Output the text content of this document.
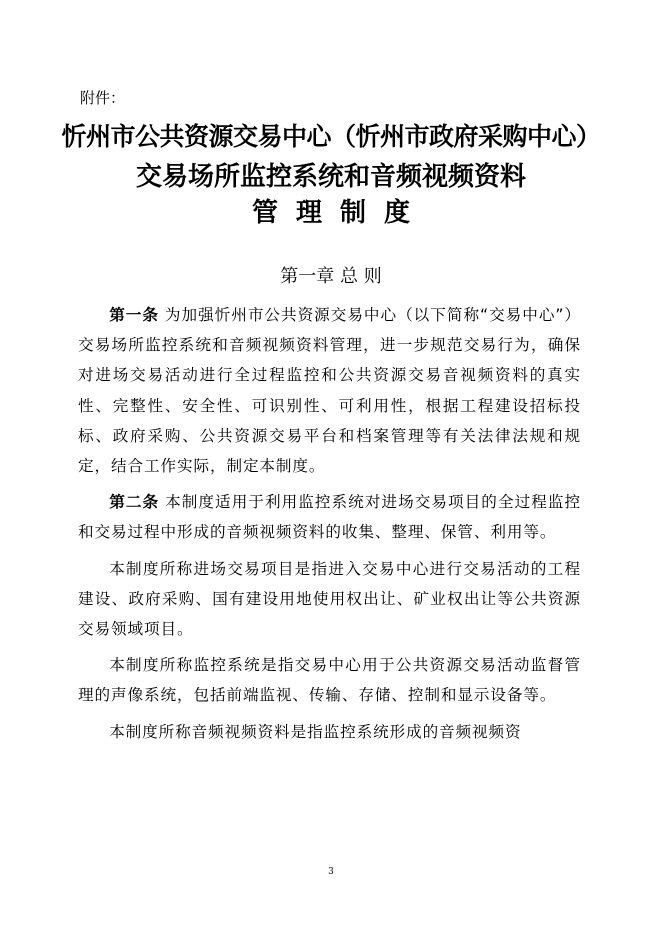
附件：
忻州市公共资源交易中心（忻州市政府采购中心）
交易场所监控系统和音频视频资料
管理制度
第一章 总 则

第一条 为加强忻州市公共资源交易中心（以下简称“交易中心”）交易场所监控系统和音频视频资料管理，进一步规范交易行为，确保对进场交易活动进行全过程监控和公共资源交易音视频资料的真实性、完整性、安全性、可识别性、可利用性，根据工程建设招标投标、政府采购、公共资源交易平台和档案管理等有关法律法规和规定，结合工作实际，制定本制度。

第二条 本制度适用于利用监控系统对进场交易项目的全过程监控和交易过程中形成的音频视频资料的收集、整理、保管、利用等。

本制度所称进场交易项目是指进入交易中心进行交易活动的工程建设、政府采购、国有建设用地使用权出让、矿业权出让等公共资源交易领域项目。

本制度所称监控系统是指交易中心用于公共资源交易活动监督管理的声像系统，包括前端监视、传输、存储、控制和显示设备等。

本制度所称音频视频资料是指监控系统形成的音频视频资

3
